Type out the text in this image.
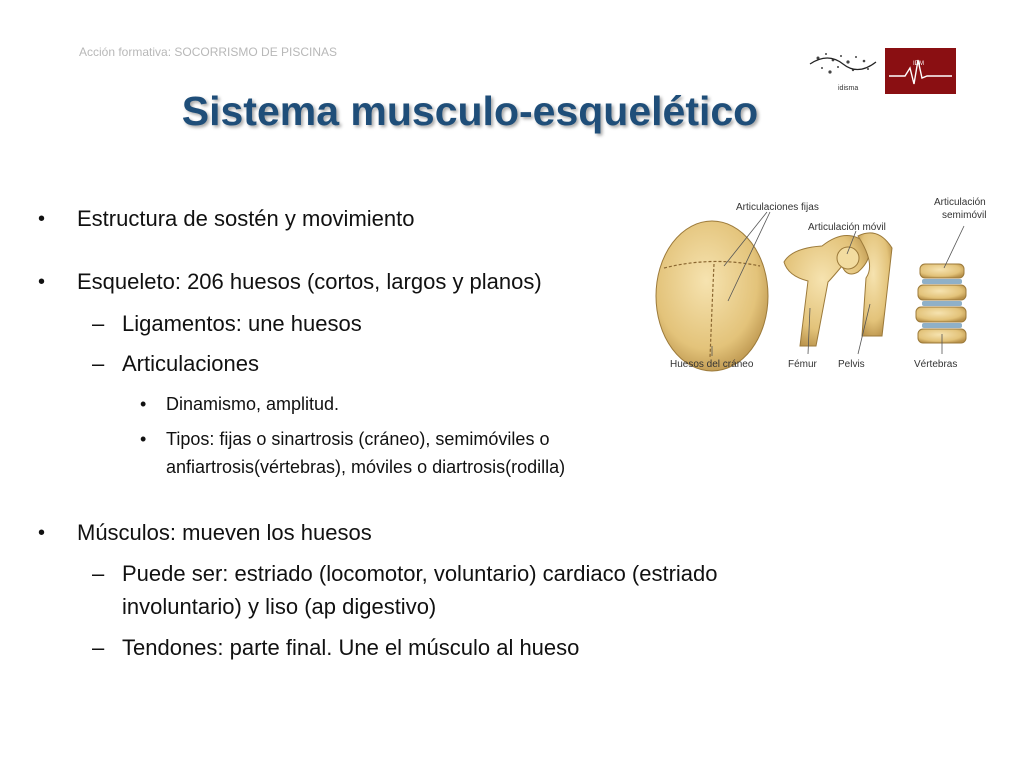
Acción formativa: SOCORRISMO DE PISCINAS
idisma
IDM
Sistema musculo-esquelético
• Estructura de sostén y movimiento
• Esqueleto: 206 huesos (cortos, largos y planos)
– Ligamentos: une huesos
– Articulaciones
• Dinamismo, amplitud.
• Tipos: fijas o sinartrosis (cráneo), semimóviles o
anfiartrosis(vértebras), móviles o diartrosis(rodilla)
• Músculos: mueven los huesos
– Puede ser: estriado (locomotor, voluntario) cardiaco (estriado
involuntario) y liso (ap digestivo)
– Tendones: parte final. Une el músculo al hueso
Articulaciones fijas
Articulación móvil
Articulación
semimóvil
Huesos del cráneo	Fémur Pelvis	Vértebras
